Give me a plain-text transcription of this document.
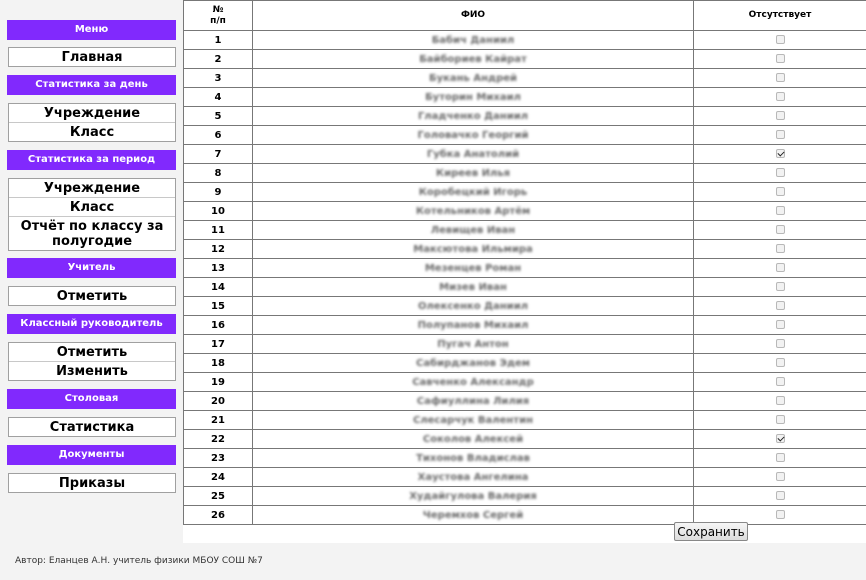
Меню
Главная
Статистика за день
Учреждение
Класс
Статистика за период
Учреждение
Класс
Отчёт по классу за полугодие
Учитель
Отметить
Классный руководитель
Отметить
Изменить
Столовая
Статистика
Документы
Приказы
№ п/п	ФИО	Отсутствует
1	Бабич Даниил	
2	Байбориев Кайрат	
3	Букань Андрей	
4	Буторин Михаил	
5	Гладченко Даниил	
6	Головачко Георгий	
7	Губка Анатолий	
8	Киреев Илья	
9	Коробецкий Игорь	
10	Котельников Артём	
11	Левищев Иван	
12	Максютова Ильмира	
13	Мезенцев Роман	
14	Мизев Иван	
15	Олексенко Даниил	
16	Полупанов Михаил	
17	Пугач Антон	
18	Сабирджанов Эдем	
19	Савченко Александр	
20	Сафиуллина Лилия	
21	Слесарчук Валентин	
22	Соколов Алексей	
23	Тихонов Владислав	
24	Хаустова Ангелина	
25	Худайгулова Валерия	
26	Черемхов Сергей	
Сохранить
Автор: Еланцев А.Н. учитель физики МБОУ СОШ №7
